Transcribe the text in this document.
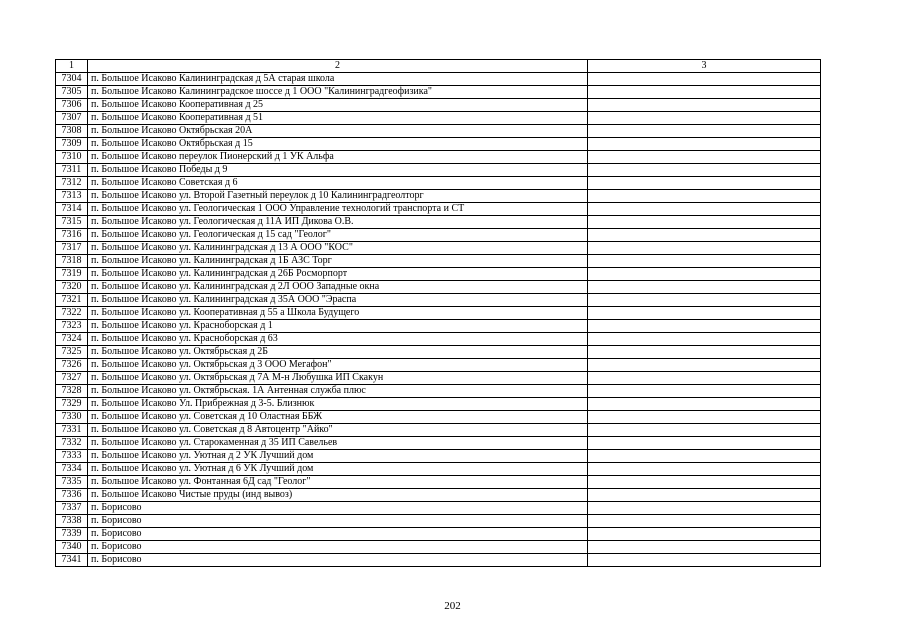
1	2	3
7304	п. Большое Исаково Калининградская д 5А старая школа	
7305	п. Большое Исаково Калининградское шоссе д 1 ООО "Калининградгеофизика"	
7306	п. Большое Исаково Кооперативная д 25	
7307	п. Большое Исаково Кооперативная д 51	
7308	п. Большое Исаково Октябрьская 20А	
7309	п. Большое Исаково Октябрьская д 15	
7310	п. Большое Исаково переулок Пионерский д 1 УК Альфа	
7311	п. Большое Исаково Победы д 9	
7312	п. Большое Исаково Советская д 6	
7313	п. Большое Исаково ул. Второй Газетный переулок д 10 Калининградгеолторг	
7314	п. Большое Исаково ул. Геологическая 1 ООО Управление технологий транспорта и СТ	
7315	п. Большое Исаково ул. Геологическая д 11А ИП Дикова О.В.	
7316	п. Большое Исаково ул. Геологическая д 15 сад "Геолог"	
7317	п. Большое Исаково ул. Калининградская д 13 А ООО "КОС"	
7318	п. Большое Исаково ул. Калининградская д 1Б АЗС Торг	
7319	п. Большое Исаково ул. Калининградская д 26Б Росморпорт	
7320	п. Большое Исаково ул. Калининградская д 2Л ООО Западные окна	
7321	п. Большое Исаково ул. Калининградская д 35А ООО "Эраспа	
7322	п. Большое Исаково ул. Кооперативная д 55 а Школа Будущего	
7323	п. Большое Исаково ул. Красноборская д 1	
7324	п. Большое Исаково ул. Красноборская д 63	
7325	п. Большое Исаково ул. Октябрьская д 2Б	
7326	п. Большое Исаково ул. Октябрьская д 3 ООО Мегафон"	
7327	п. Большое Исаково ул. Октябрьская д 7А М-н Любушка ИП Скакун	
7328	п. Большое Исаково ул. Октябрьская. 1А Антенная служба плюс	
7329	п. Большое Исаково Ул. Прибрежная д 3-5. Близнюк	
7330	п. Большое Исаково ул. Советская д 10 Оластная ББЖ	
7331	п. Большое Исаково ул. Советская д 8 Автоцентр "Айко"	
7332	п. Большое Исаково ул. Старокаменная д 35 ИП Савельев	
7333	п. Большое Исаково ул. Уютная д 2 УК Лучший дом	
7334	п. Большое Исаково ул. Уютная д 6 УК Лучший дом	
7335	п. Большое Исаково ул. Фонтанная 6Д сад "Геолог"	
7336	п. Большое Исаково Чистые пруды (инд вывоз)	
7337	п. Борисово	
7338	п. Борисово	
7339	п. Борисово	
7340	п. Борисово	
7341	п. Борисово	
202
